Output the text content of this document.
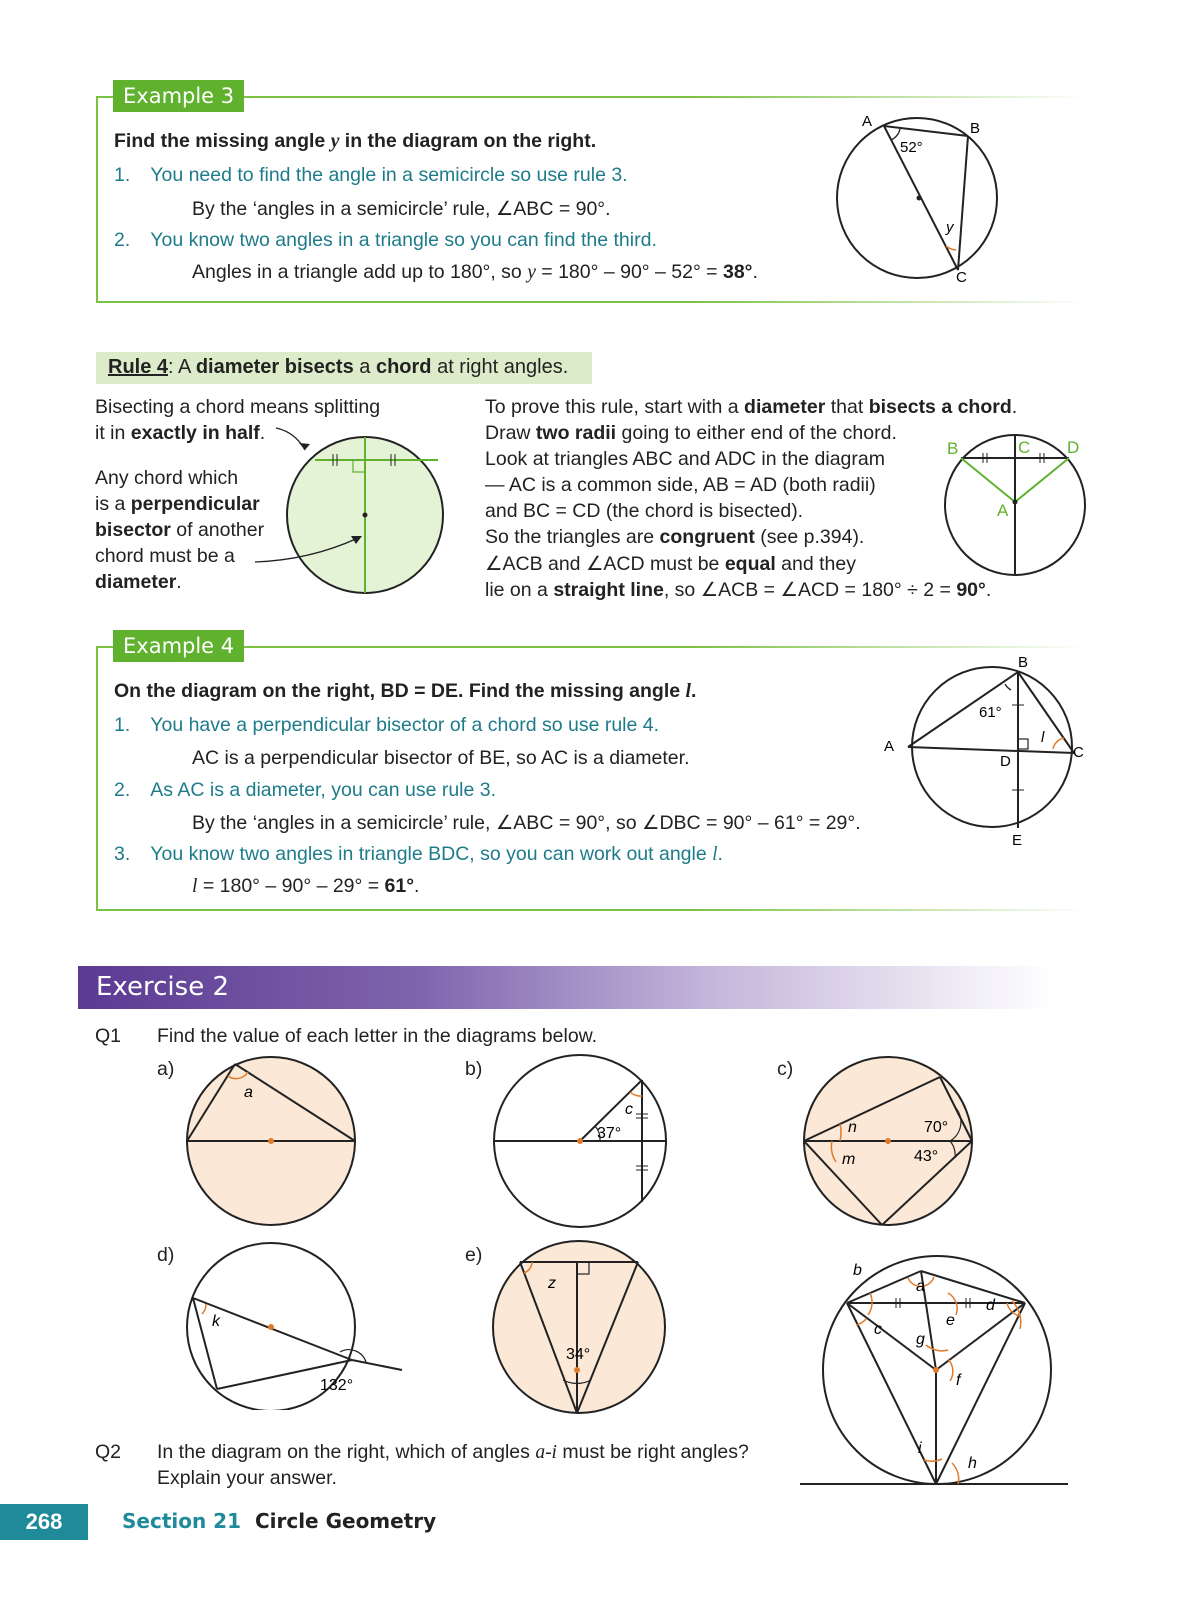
Example 3
Find the missing angle y in the diagram on the right.
1. You need to find the angle in a semicircle so use rule 3.
By the ‘angles in a semicircle’ rule, ∠ABC = 90°.
2. You know two angles in a triangle so you can find the third.
Angles in a triangle add up to 180°, so y = 180° – 90° – 52° = 38°.
A	B
C
52°
y
Rule 4: A diameter bisects a chord at right angles.
Bisecting a chord means splitting
it in exactly in half.
Any chord which
is a perpendicular
bisector of another
chord must be a
diameter.
To prove this rule, start with a diameter that bisects a chord.
Draw two radii going to either end of the chord.
Look at triangles ABC and ADC in the diagram
— AC is a common side, AB = AD (both radii)
and BC = CD (the chord is bisected).
So the triangles are congruent (see p.394).
∠ACB and ∠ACD must be equal and they
lie on a straight line, so ∠ACB = ∠ACD = 180° ÷ 2 = 90°.
B	C D
A
Example 4
On the diagram on the right, BD = DE. Find the missing angle l.
1. You have a perpendicular bisector of a chord so use rule 4.
AC is a perpendicular bisector of BE, so AC is a diameter.
2. As AC is a diameter, you can use rule 3.
By the ‘angles in a semicircle’ rule, ∠ABC = 90°, so ∠DBC = 90° – 61° = 29°.
3. You know two angles in triangle BDC, so you can work out angle l.
l = 180° – 90° – 29° = 61°.
B
A	C
D
E
61°
l
Exercise 2
Q1 Find the value of each letter in the diagrams below.
a)	b)	c)
d)	e)
a
37°
c
n
m
70°
43°
k
132°
z
34°
b
a
d
c
e
g
f
i
h
Q2 In the diagram on the right, which of angles a-i must be right angles?
Explain your answer.
268	Section 21 Circle Geometry
